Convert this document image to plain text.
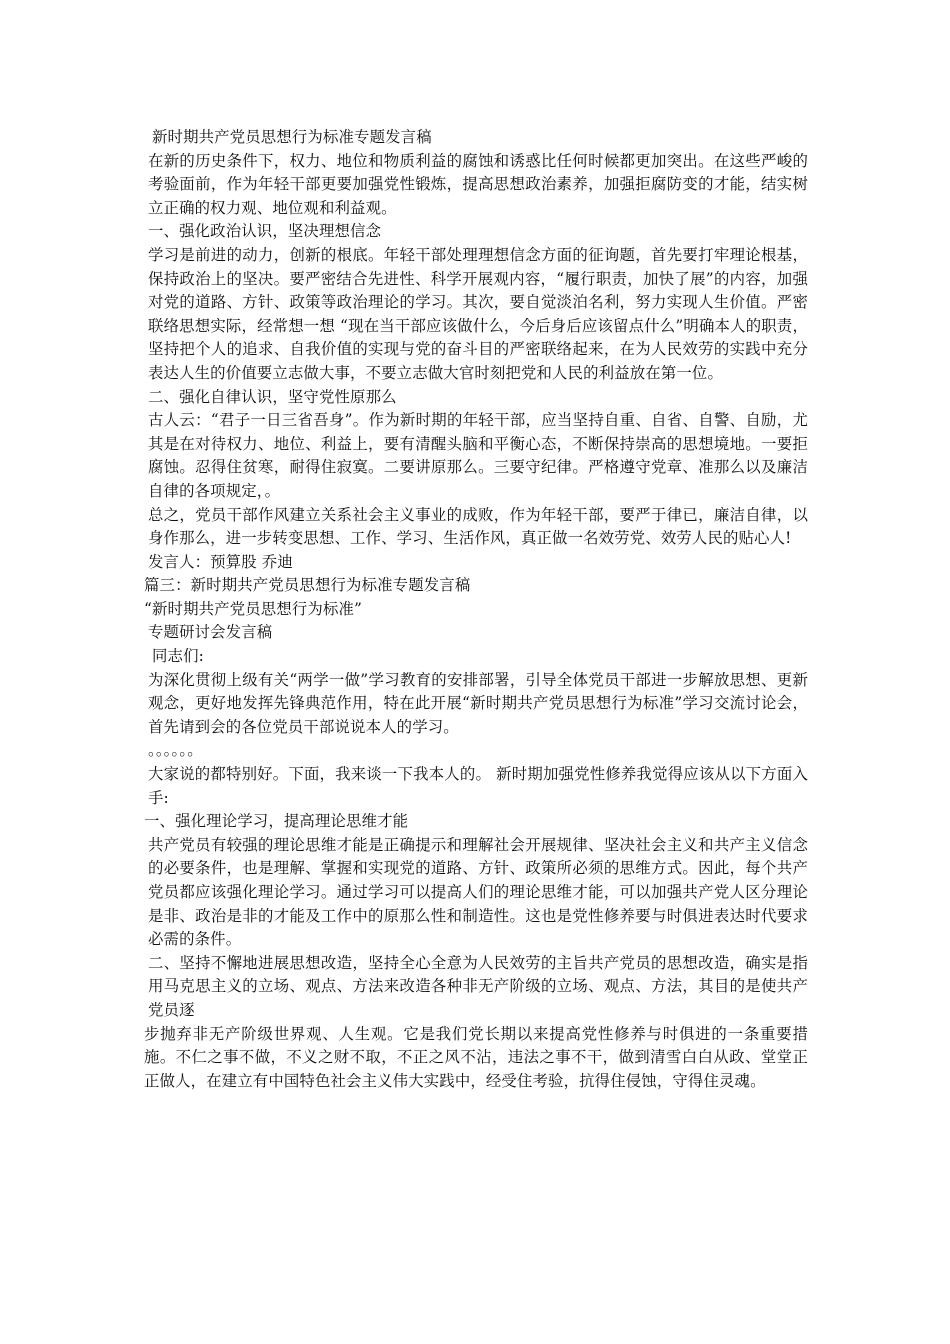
新时期共产党员思想行为标准专题发言稿
在新的历史条件下，权力、地位和物质利益的腐蚀和诱惑比任何时候都更加突出。在这些严峻的考验面前，作为年轻干部更要加强党性锻炼，提高思想政治素养，加强拒腐防变的才能，结实树立正确的权力观、地位观和利益观。
一、强化政治认识，坚决理想信念
学习是前进的动力，创新的根底。年轻干部处理理想信念方面的征询题，首先要打牢理论根基，保持政治上的坚决。要严密结合先进性、科学开展观内容，“履行职责，加快了展”的内容，加强对党的道路、方针、政策等政治理论的学习。其次，要自觉淡泊名利，努力实现人生价值。严密联络思想实际，经常想一想 “现在当干部应该做什么，今后身后应该留点什么”明确本人的职责，坚持把个人的追求、自我价值的实现与党的奋斗目的严密联络起来，在为人民效劳的实践中充分表达人生的价值要立志做大事，不要立志做大官时刻把党和人民的利益放在第一位。
二、强化自律认识，坚守党性原那么
古人云：“君子一日三省吾身”。作为新时期的年轻干部，应当坚持自重、自省、自警、自励，尤其是在对待权力、地位、利益上，要有清醒头脑和平衡心态，不断保持崇高的思想境地。一要拒腐蚀。忍得住贫寒，耐得住寂寞。二要讲原那么。三要守纪律。严格遵守党章、准那么以及廉洁自律的各项规定，。
总之，党员干部作风建立关系社会主义事业的成败，作为年轻干部，要严于律已，廉洁自律，以身作那么，进一步转变思想、工作、学习、生活作风，真正做一名效劳党、效劳人民的贴心人!
发言人：预算股 乔迪
篇三：新时期共产党员思想行为标准专题发言稿
“新时期共产党员思想行为标准”
专题研讨会发言稿
同志们:
为深化贯彻上级有关“两学一做”学习教育的安排部署，引导全体党员干部进一步解放思想、更新观念，更好地发挥先锋典范作用，特在此开展“新时期共产党员思想行为标准”学习交流讨论会，首先请到会的各位党员干部说说本人的学习。
。。。。。。
大家说的都特别好。下面，我来谈一下我本人的。 新时期加强党性修养我觉得应该从以下方面入手:
一、强化理论学习，提高理论思维才能
共产党员有较强的理论思维才能是正确提示和理解社会开展规律、坚决社会主义和共产主义信念的必要条件，也是理解、掌握和实现党的道路、方针、政策所必须的思维方式。因此，每个共产党员都应该强化理论学习。通过学习可以提高人们的理论思维才能，可以加强共产党人区分理论是非、政治是非的才能及工作中的原那么性和制造性。这也是党性修养要与时俱进表达时代要求必需的条件。
二、坚持不懈地进展思想改造，坚持全心全意为人民效劳的主旨共产党员的思想改造，确实是指用马克思主义的立场、观点、方法来改造各种非无产阶级的立场、观点、方法，其目的是使共产党员逐
步抛弃非无产阶级世界观、人生观。它是我们党长期以来提高党性修养与时俱进的一条重要措施。不仁之事不做，不义之财不取，不正之风不沾，违法之事不干，做到清雪白白从政、堂堂正正做人，在建立有中国特色社会主义伟大实践中，经受住考验，抗得住侵蚀，守得住灵魂。
